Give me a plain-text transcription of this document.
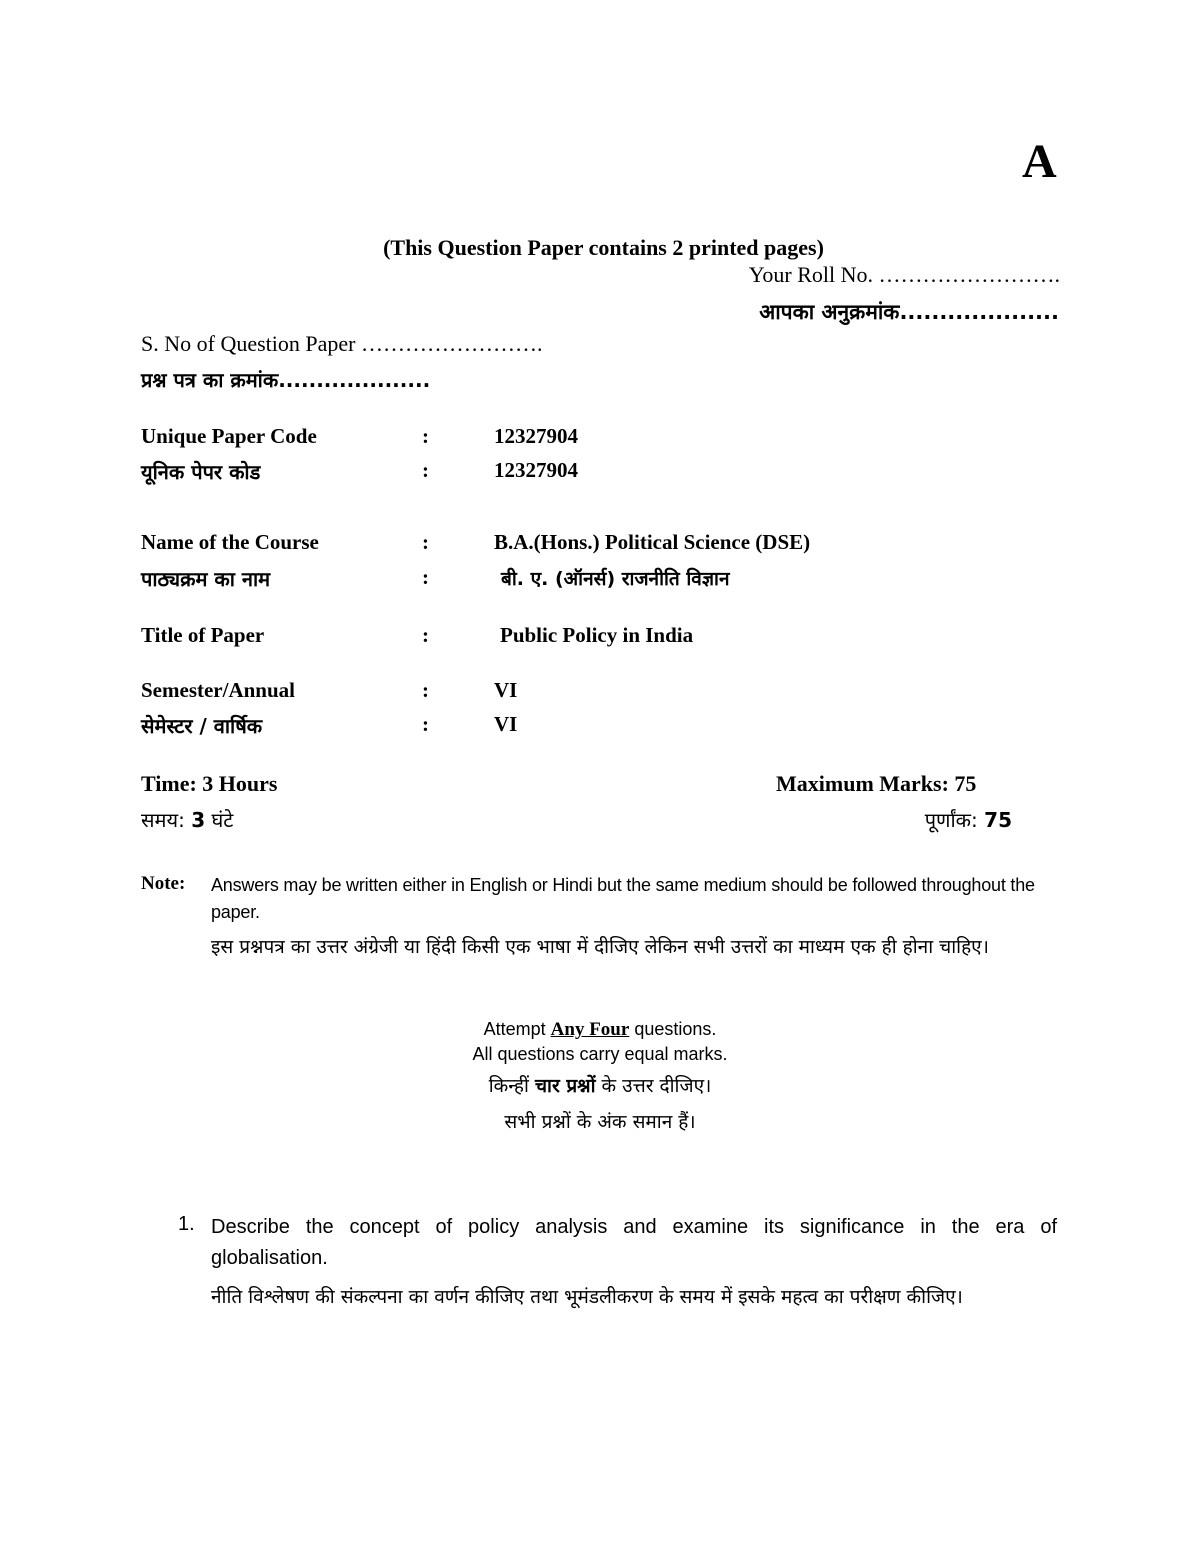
A
(This Question Paper contains 2 printed pages)
Your Roll No. …………………….
आपका अनुक्रमांक....................
S. No of Question Paper …………………….
प्रश्न पत्र का क्रमांक....................
Unique Paper Code	:	12327904
यूनिक पेपर कोड	:	12327904
Name of the Course	:	B.A.(Hons.) Political Science (DSE)
पाठ्यक्रम का नाम	:	बी. ए. (ऑनर्स) राजनीति विज्ञान
Title of Paper	:	Public Policy in India
Semester/Annual	:	VI
सेमेस्टर / वार्षिक	:	VI
Time: 3 Hours
समय: 3 घंटे
Maximum Marks: 75
पूर्णांक: 75
Note: Answers may be written either in English or Hindi but the same medium should be followed throughout the paper.
इस प्रश्नपत्र का उत्तर अंग्रेजी या हिंदी किसी एक भाषा में दीजिए लेकिन सभी उत्तरों का माध्यम एक ही होना चाहिए।
Attempt Any Four questions.
All questions carry equal marks.
किन्हीं चार प्रश्नों के उत्तर दीजिए।
सभी प्रश्नों के अंक समान हैं।
1. Describe the concept of policy analysis and examine its significance in the era of globalisation.
नीति विश्लेषण की संकल्पना का वर्णन कीजिए तथा भूमंडलीकरण के समय में इसके महत्व का परीक्षण कीजिए।
